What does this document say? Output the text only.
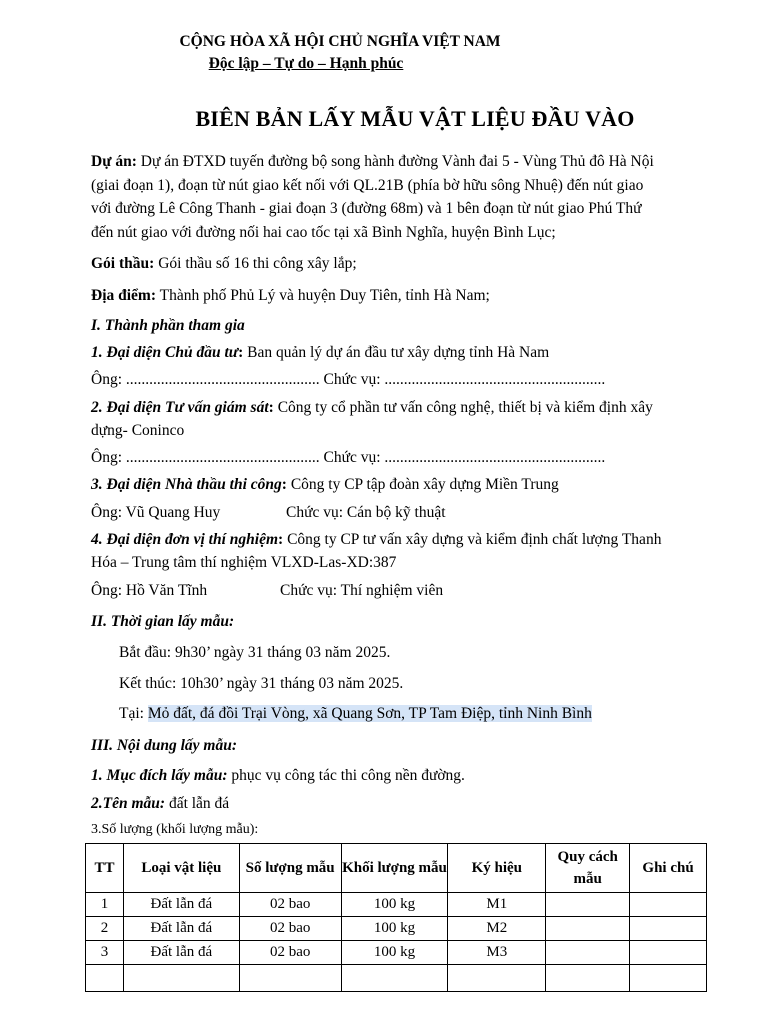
CỘNG HÒA XÃ HỘI CHỦ NGHĨA VIỆT NAM
Độc lập – Tự do – Hạnh phúc
BIÊN BẢN LẤY MẪU VẬT LIỆU ĐẦU VÀO
Dự án: Dự án ĐTXD tuyến đường bộ song hành đường Vành đai 5 - Vùng Thủ đô Hà Nội
(giai đoạn 1), đoạn từ nút giao kết nối với QL.21B (phía bờ hữu sông Nhuệ) đến nút giao
với đường Lê Công Thanh - giai đoạn 3 (đường 68m) và 1 bên đoạn từ nút giao Phú Thứ
đến nút giao với đường nối hai cao tốc tại xã Bình Nghĩa, huyện Bình Lục;
Gói thầu: Gói thầu số 16 thi công xây lắp;
Địa điểm: Thành phố Phủ Lý và huyện Duy Tiên, tỉnh Hà Nam;
I. Thành phần tham gia
1. Đại diện Chủ đầu tư: Ban quản lý dự án đầu tư xây dựng tỉnh Hà Nam
Ông: .................................................. Chức vụ: .........................................................
2. Đại diện Tư vấn giám sát: Công ty cổ phần tư vấn công nghệ, thiết bị và kiểm định xây
dựng- Coninco
Ông: .................................................. Chức vụ: .........................................................
3. Đại diện Nhà thầu thi công: Công ty CP tập đoàn xây dựng Miền Trung
Ông: Vũ Quang Huy	Chức vụ: Cán bộ kỹ thuật
4. Đại diện đơn vị thí nghiệm: Công ty CP tư vấn xây dựng và kiểm định chất lượng Thanh
Hóa – Trung tâm thí nghiệm VLXD-Las-XD:387
Ông: Hồ Văn Tĩnh	Chức vụ: Thí nghiệm viên
II. Thời gian lấy mẫu:
Bắt đầu: 9h30’ ngày 31 tháng 03 năm 2025.
Kết thúc: 10h30’ ngày 31 tháng 03 năm 2025.
Tại: Mỏ đất, đá đồi Trại Vòng, xã Quang Sơn, TP Tam Điệp, tỉnh Ninh Bình
III. Nội dung lấy mẫu:
1. Mục đích lấy mẫu: phục vụ công tác thi công nền đường.
2.Tên mẫu: đất lẫn đá
3.Số lượng (khối lượng mẫu):
TT	Loại vật liệu	Số lượng mẫu	Khối lượng mẫu	Ký hiệu	Quy cách mẫu	Ghi chú
1	Đất lẫn đá	02 bao	100 kg	M1		
2	Đất lẫn đá	02 bao	100 kg	M2		
3	Đất lẫn đá	02 bao	100 kg	M3		
